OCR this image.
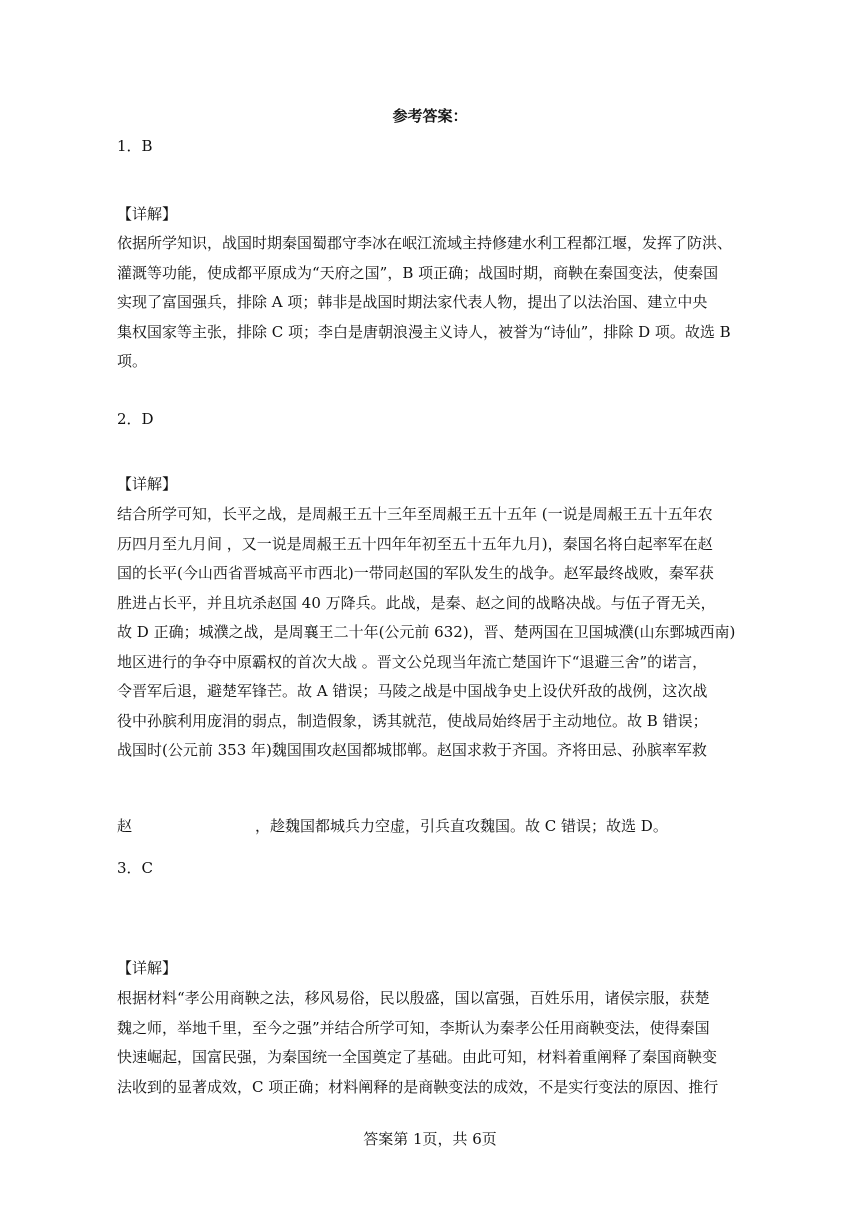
参考答案：
1．B
【详解】
依据所学知识，战国时期秦国蜀郡守李冰在岷江流域主持修建水利工程都江堰，发挥了防洪、
灌溉等功能，使成都平原成为“天府之国”，B 项正确；战国时期，商鞅在秦国变法，使秦国
实现了富国强兵，排除 A 项；韩非是战国时期法家代表人物，提出了以法治国、建立中央
集权国家等主张，排除 C 项；李白是唐朝浪漫主义诗人，被誉为“诗仙”，排除 D 项。故选 B
项。
2．D
【详解】
结合所学可知，长平之战，是周赧王五十三年至周赧王五十五年 (一说是周赧王五十五年农
历四月至九月间 ，又一说是周赧王五十四年年初至五十五年九月)，秦国名将白起率军在赵
国的长平(今山西省晋城高平市西北)一带同赵国的军队发生的战争。赵军最终战败，秦军获
胜进占长平，并且坑杀赵国 40 万降兵。此战，是秦、赵之间的战略决战。与伍子胥无关，
故 D 正确；城濮之战，是周襄王二十年(公元前 632)，晋、楚两国在卫国城濮(山东鄄城西南)
地区进行的争夺中原霸权的首次大战 。晋文公兑现当年流亡楚国许下“退避三舍”的诺言，
令晋军后退，避楚军锋芒。故 A 错误；马陵之战是中国战争史上设伏歼敌的战例，这次战
役中孙膑利用庞涓的弱点，制造假象，诱其就范，使战局始终居于主动地位。故 B 错误；
战国时(公元前 353 年)魏国围攻赵国都城邯郸。赵国求救于齐国。齐将田忌、孙膑率军救
赵	，趁魏国都城兵力空虚，引兵直攻魏国。故 C 错误；故选 D。
3．C
【详解】
根据材料“孝公用商鞅之法，移风易俗，民以殷盛，国以富强，百姓乐用，诸侯宗服，获楚
魏之师，举地千里，至今之强”并结合所学可知，李斯认为秦孝公任用商鞅变法，使得秦国
快速崛起，国富民强，为秦国统一全国奠定了基础。由此可知，材料着重阐释了秦国商鞅变
法收到的显著成效，C 项正确；材料阐释的是商鞅变法的成效，不是实行变法的原因、推行
答案第 1页，共 6页
